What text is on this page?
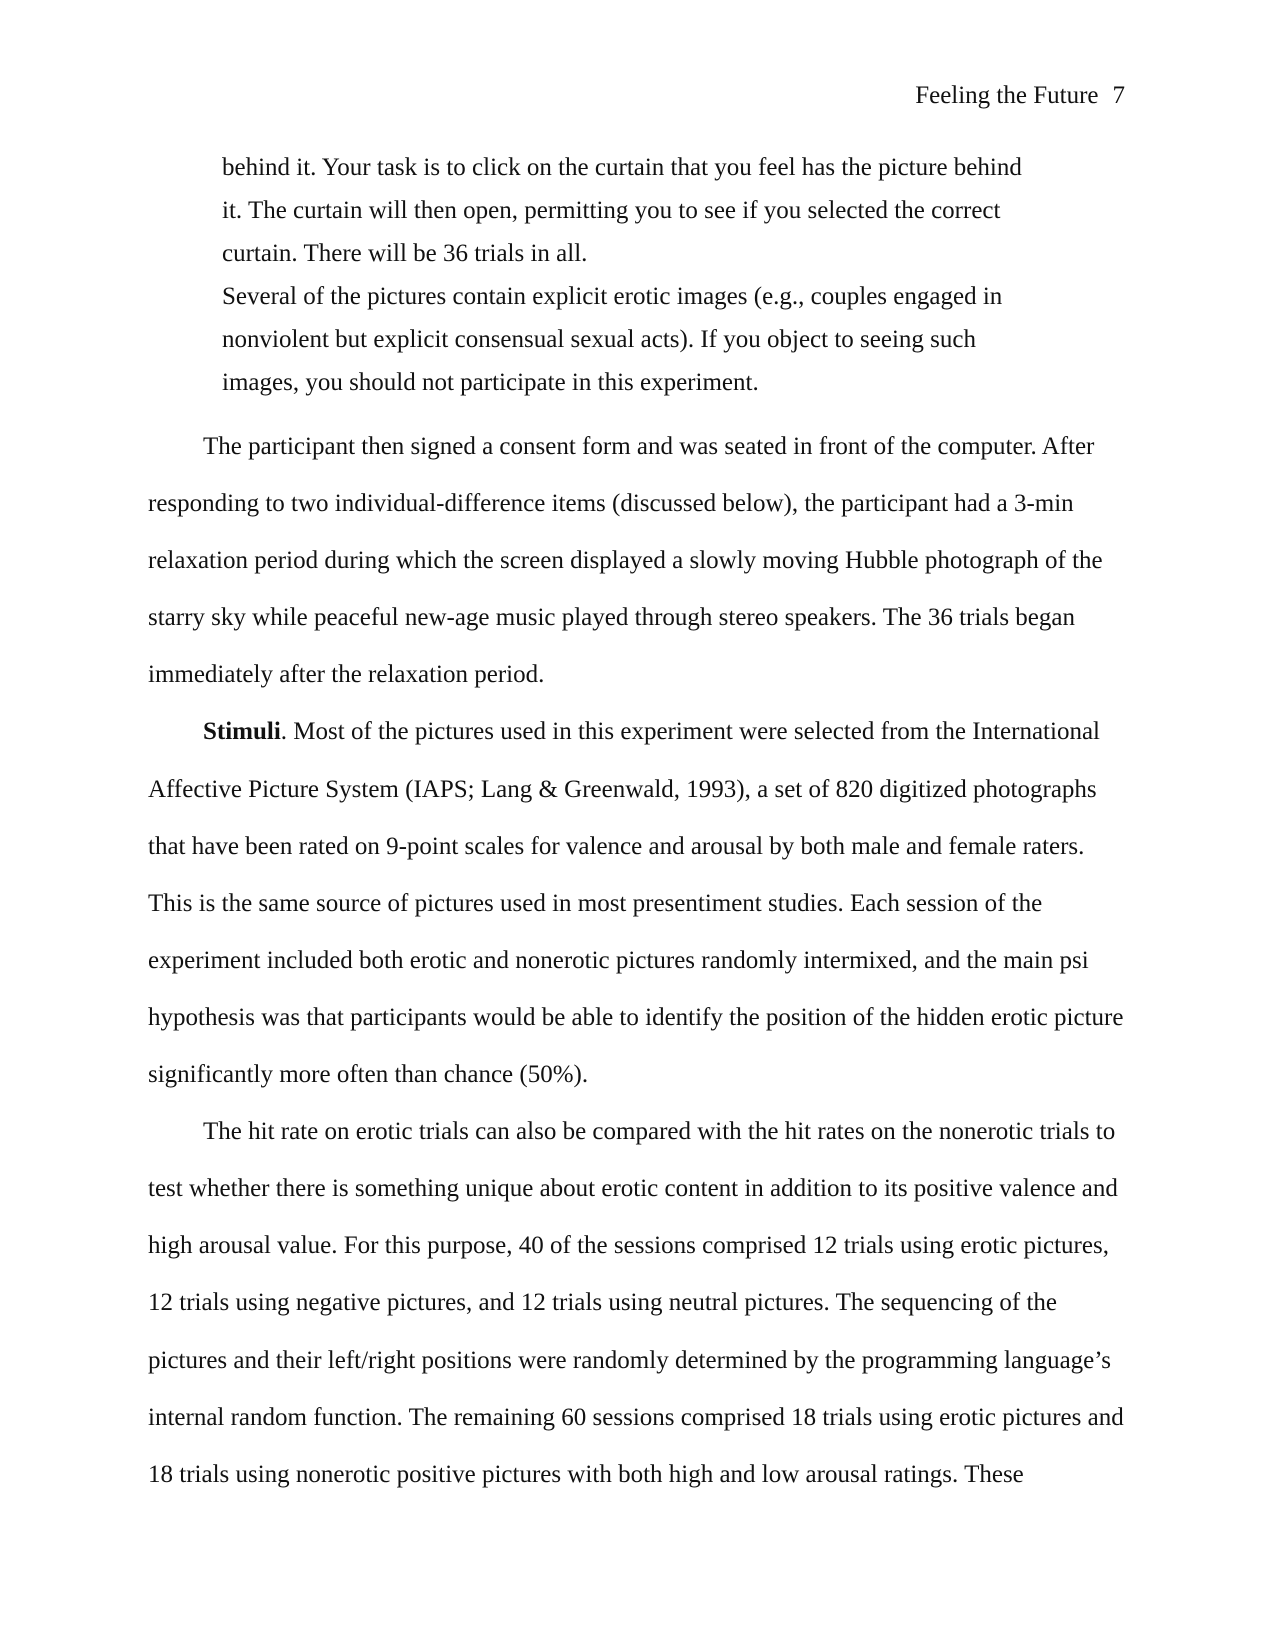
Feeling the Future 7

behind it. Your task is to click on the curtain that you feel has the picture behind it. The curtain will then open, permitting you to see if you selected the correct curtain. There will be 36 trials in all.

Several of the pictures contain explicit erotic images (e.g., couples engaged in nonviolent but explicit consensual sexual acts). If you object to seeing such images, you should not participate in this experiment.

The participant then signed a consent form and was seated in front of the computer. After responding to two individual-difference items (discussed below), the participant had a 3-min relaxation period during which the screen displayed a slowly moving Hubble photograph of the starry sky while peaceful new-age music played through stereo speakers. The 36 trials began immediately after the relaxation period.

Stimuli. Most of the pictures used in this experiment were selected from the International Affective Picture System (IAPS; Lang & Greenwald, 1993), a set of 820 digitized photographs that have been rated on 9-point scales for valence and arousal by both male and female raters. This is the same source of pictures used in most presentiment studies. Each session of the experiment included both erotic and nonerotic pictures randomly intermixed, and the main psi hypothesis was that participants would be able to identify the position of the hidden erotic picture significantly more often than chance (50%).

The hit rate on erotic trials can also be compared with the hit rates on the nonerotic trials to test whether there is something unique about erotic content in addition to its positive valence and high arousal value. For this purpose, 40 of the sessions comprised 12 trials using erotic pictures, 12 trials using negative pictures, and 12 trials using neutral pictures. The sequencing of the pictures and their left/right positions were randomly determined by the programming language’s internal random function. The remaining 60 sessions comprised 18 trials using erotic pictures and 18 trials using nonerotic positive pictures with both high and low arousal ratings. These
